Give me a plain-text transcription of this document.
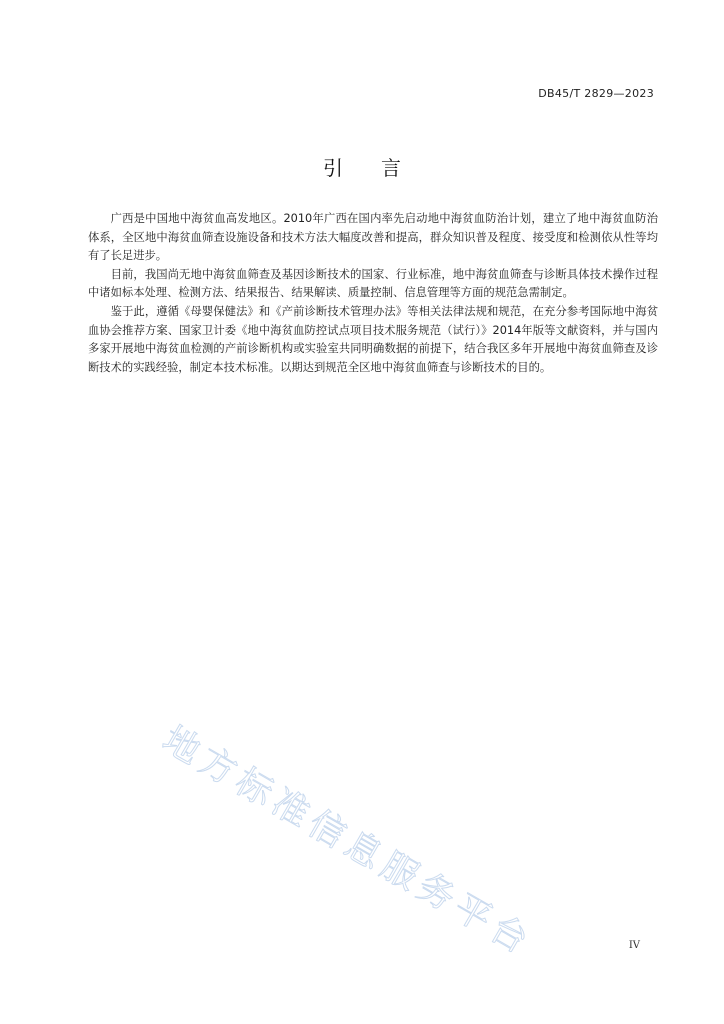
DB45/T 2829—2023
引言

广西是中国地中海贫血高发地区。2010年广西在国内率先启动地中海贫血防治计划，建立了地中海贫血防治体系，全区地中海贫血筛查设施设备和技术方法大幅度改善和提高，群众知识普及程度、接受度和检测依从性等均有了长足进步。

目前，我国尚无地中海贫血筛查及基因诊断技术的国家、行业标准，地中海贫血筛查与诊断具体技术操作过程中诸如标本处理、检测方法、结果报告、结果解读、质量控制、信息管理等方面的规范急需制定。

鉴于此，遵循《母婴保健法》和《产前诊断技术管理办法》等相关法律法规和规范，在充分参考国际地中海贫血协会推荐方案、国家卫计委《地中海贫血防控试点项目技术服务规范（试行）》2014年版等文献资料，并与国内多家开展地中海贫血检测的产前诊断机构或实验室共同明确数据的前提下，结合我区多年开展地中海贫血筛查及诊断技术的实践经验，制定本技术标准。以期达到规范全区地中海贫血筛查与诊断技术的目的。

地方标准信息服务平台	IV
